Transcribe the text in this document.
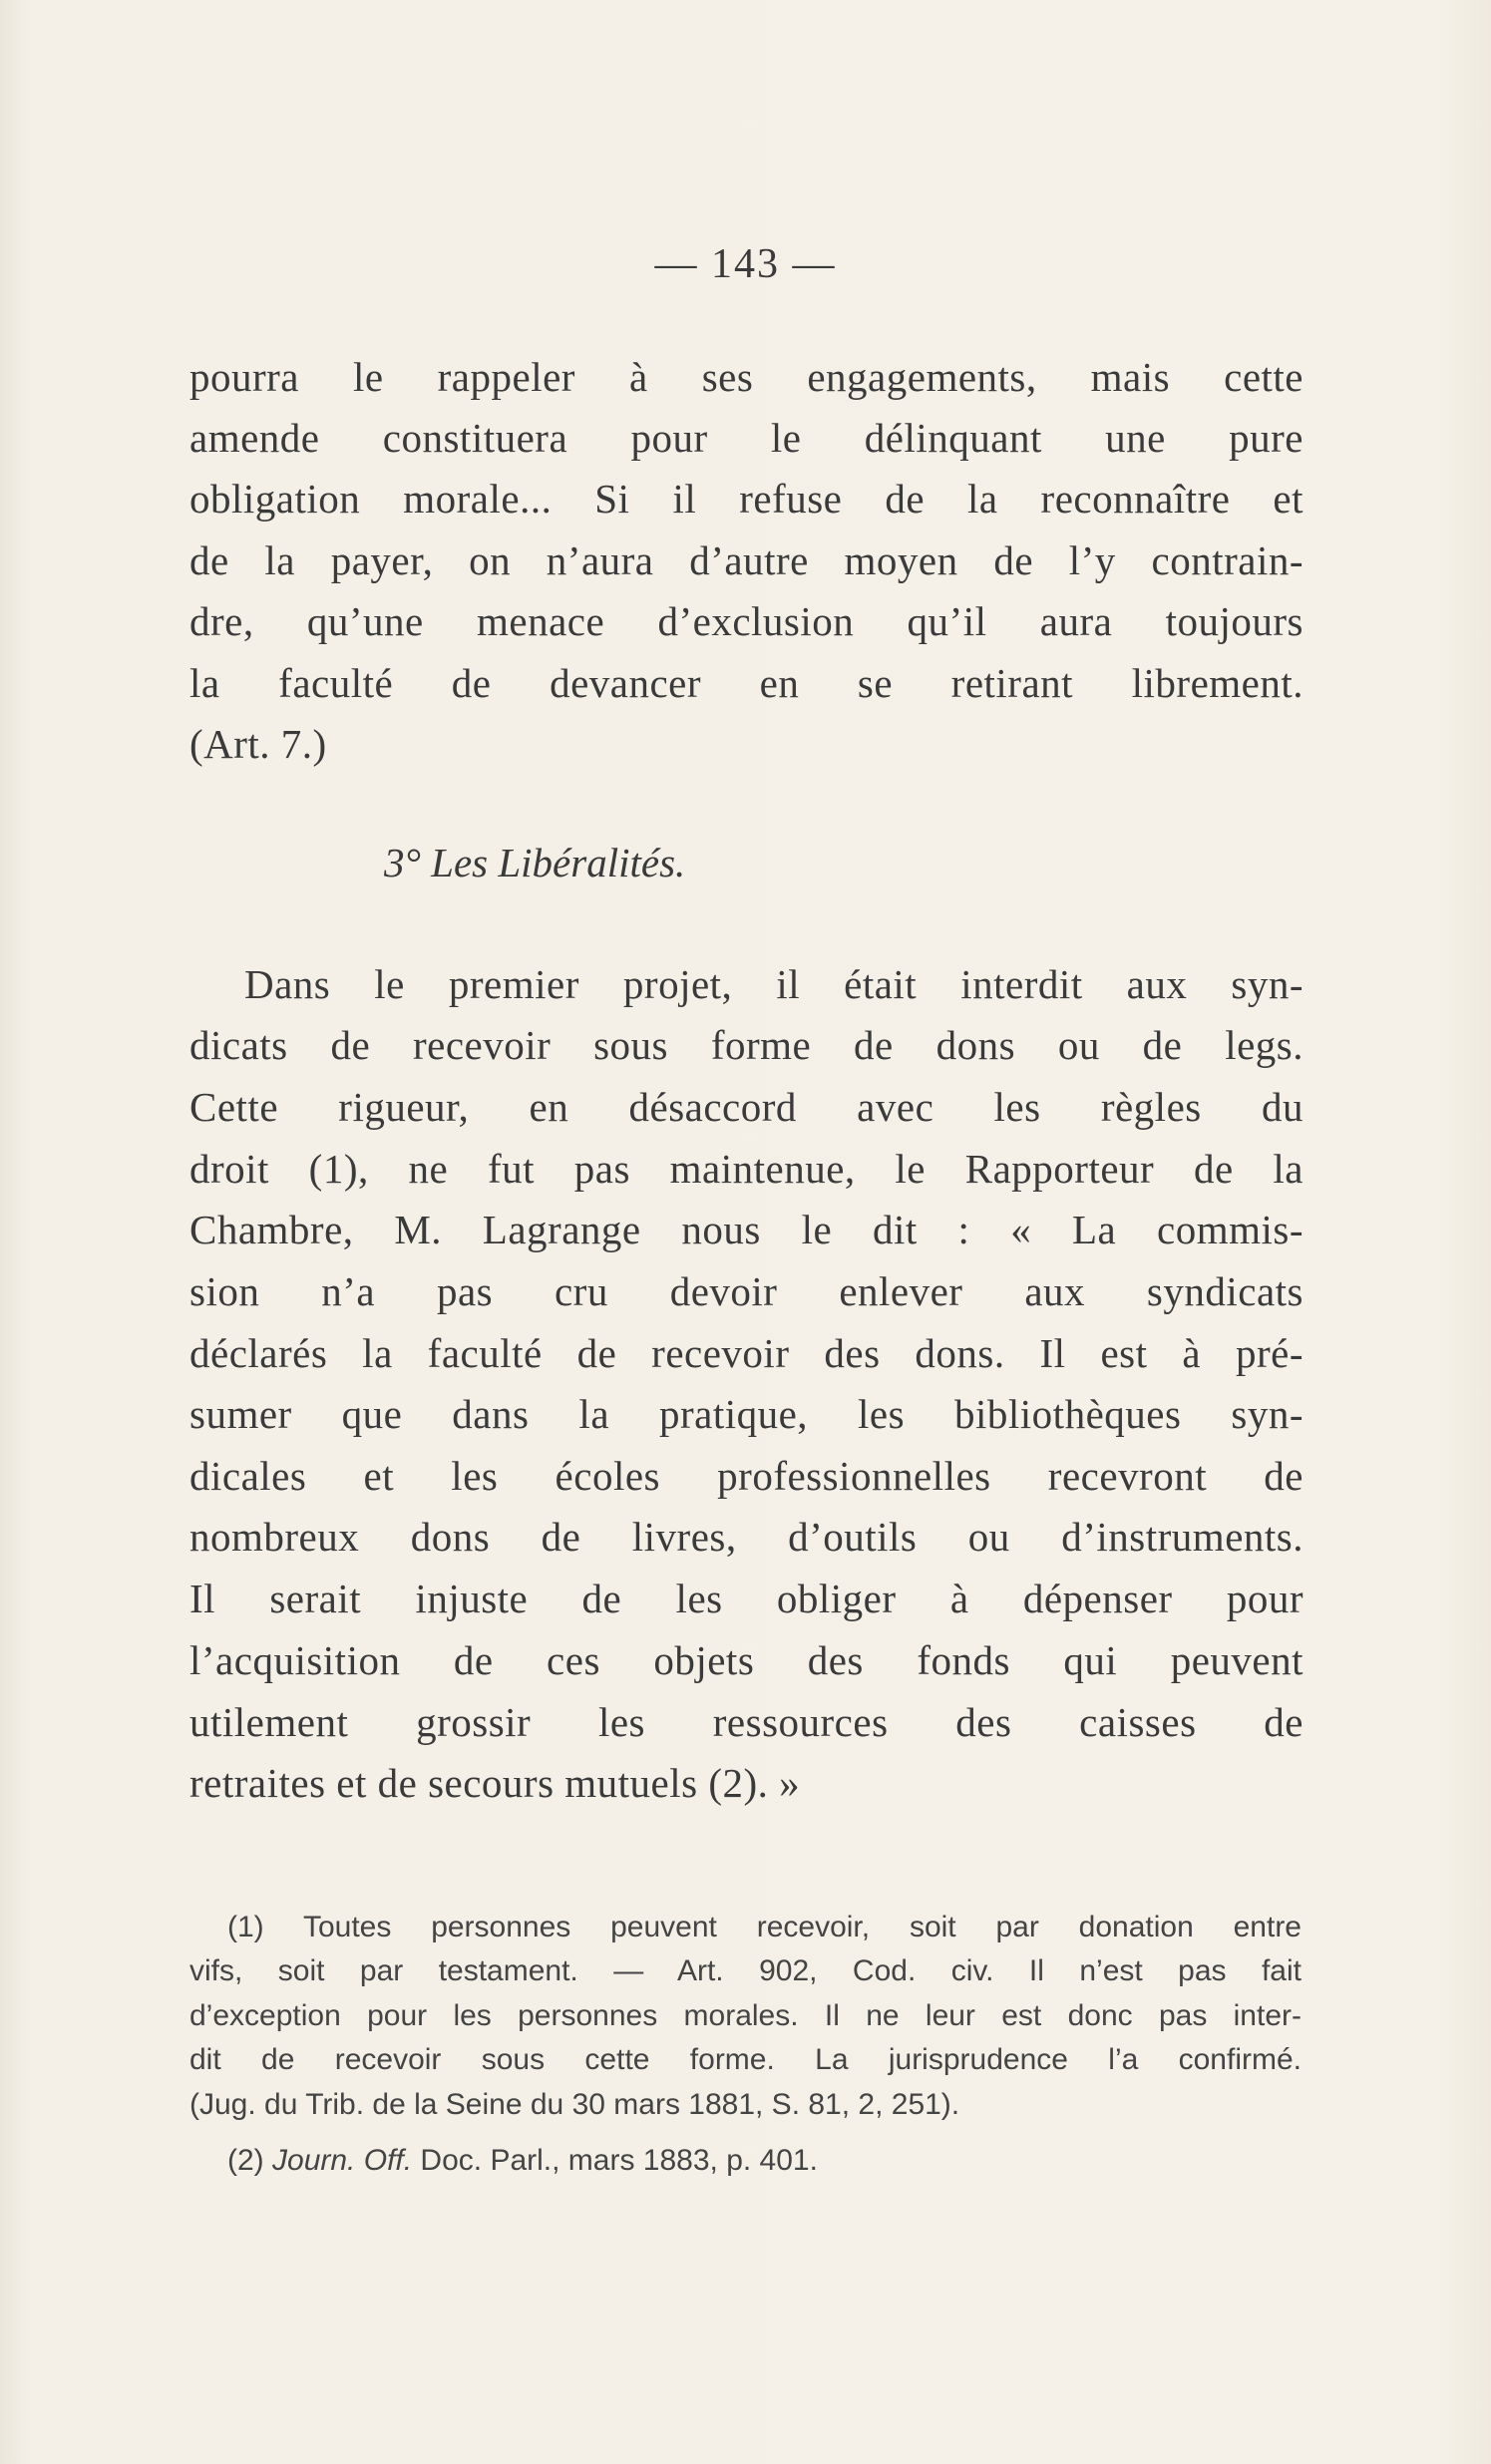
— 143 —
pourra le rappeler à ses engagements, mais cette
amende constituera pour le délinquant une pure
obligation morale... Si il refuse de la reconnaître et
de la payer, on n’aura d’autre moyen de l’y contrain-
dre, qu’une menace d’exclusion qu’il aura toujours
la faculté de devancer en se retirant librement.
(Art. 7.)
3° Les Libéralités.
Dans le premier projet, il était interdit aux syn-
dicats de recevoir sous forme de dons ou de legs.
Cette rigueur, en désaccord avec les règles du
droit (1), ne fut pas maintenue, le Rapporteur de la
Chambre, M. Lagrange nous le dit : « La commis-
sion n’a pas cru devoir enlever aux syndicats
déclarés la faculté de recevoir des dons. Il est à pré-
sumer que dans la pratique, les bibliothèques syn-
dicales et les écoles professionnelles recevront de
nombreux dons de livres, d’outils ou d’instruments.
Il serait injuste de les obliger à dépenser pour
l’acquisition de ces objets des fonds qui peuvent
utilement grossir les ressources des caisses de
retraites et de secours mutuels (2). »
(1) Toutes personnes peuvent recevoir, soit par donation entre
vifs, soit par testament. — Art. 902, Cod. civ. Il n’est pas fait
d’exception pour les personnes morales. Il ne leur est donc pas inter-
dit de recevoir sous cette forme. La jurisprudence l’a confirmé.
(Jug. du Trib. de la Seine du 30 mars 1881, S. 81, 2, 251).
(2) Journ. Off. Doc. Parl., mars 1883, p. 401.
